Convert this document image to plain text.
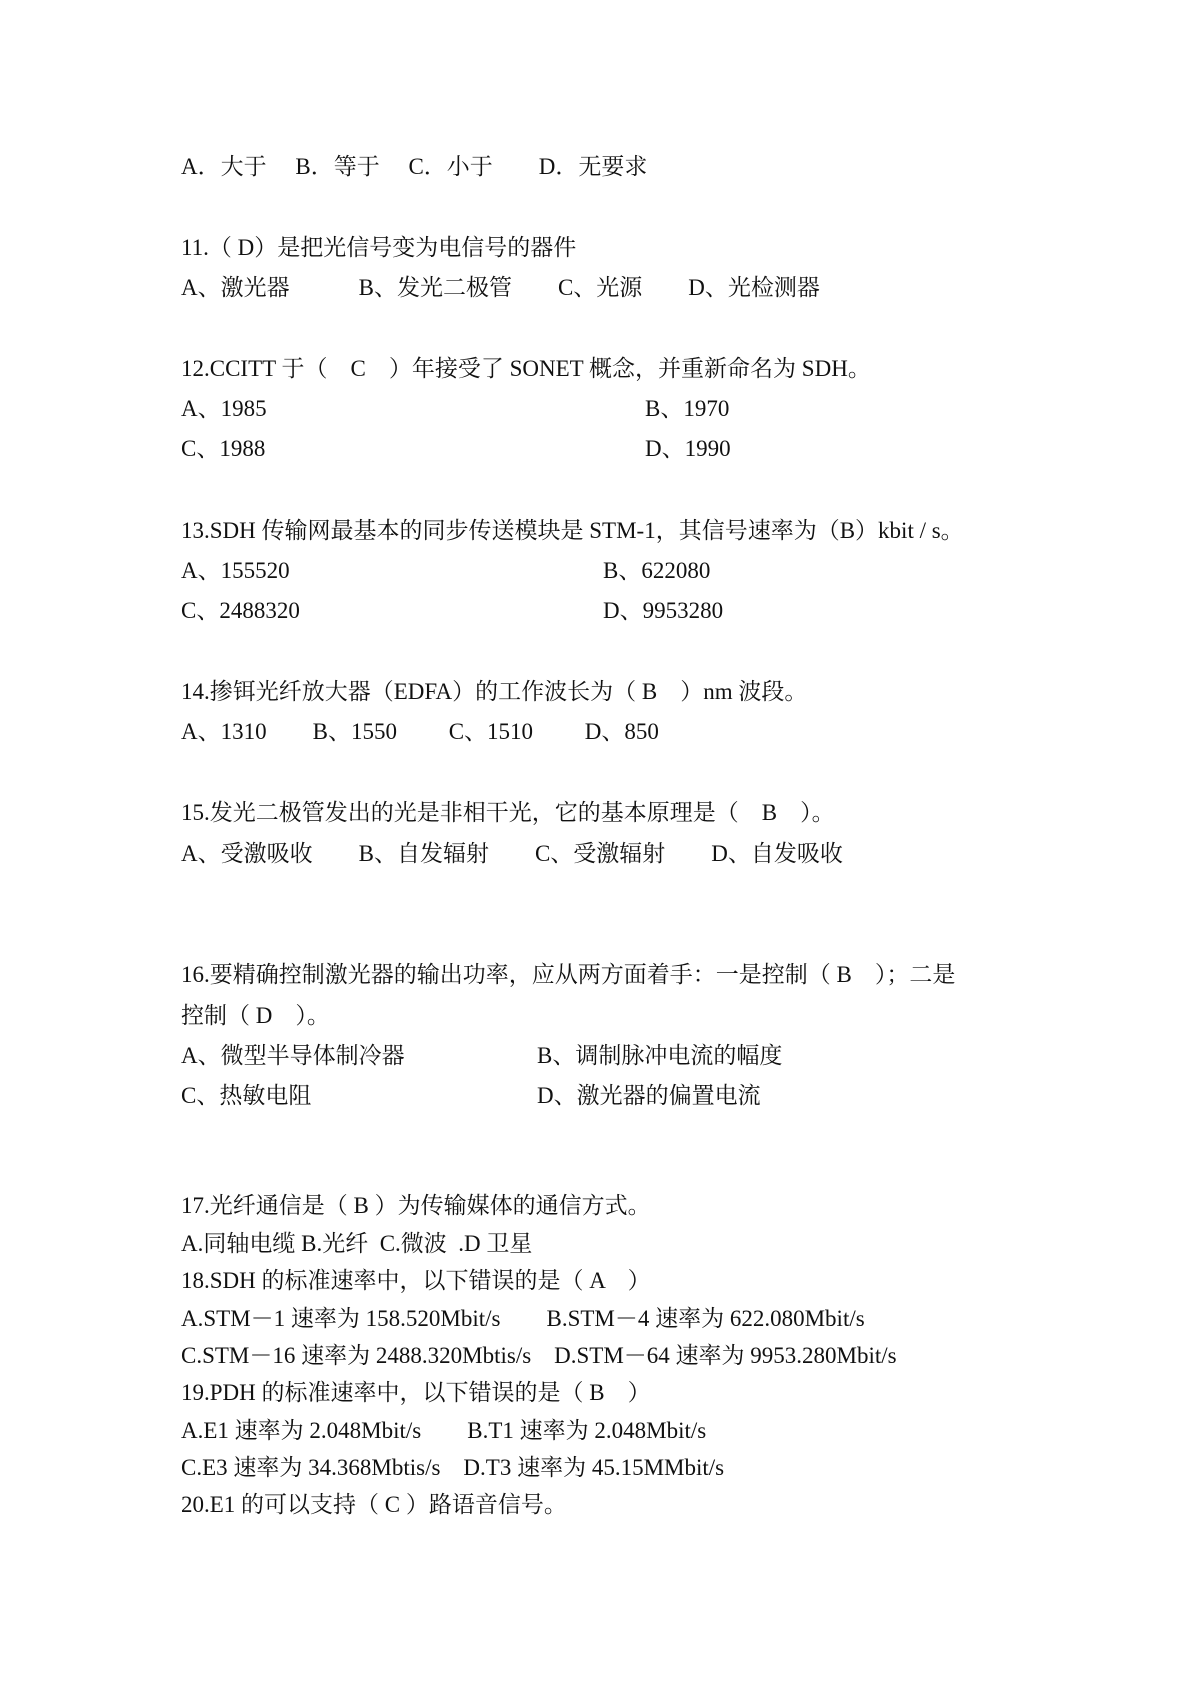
A．大于　 B．等于　 C．小于　　D．无要求
11.（ D）是把光信号变为电信号的器件
A、激光器　　　B、发光二极管　　C、光源　　D、光检测器
12.CCITT 于（　C　）年接受了 SONET 概念，并重新命名为 SDH。
A、1985	B、1970
C、1988	D、1990
13.SDH 传输网最基本的同步传送模块是 STM-1，其信号速率为（B）kbit / s。
A、155520	B、622080
C、2488320	D、9953280
14.掺铒光纤放大器（EDFA）的工作波长为（ B　）nm 波段。
A、1310　　B、1550　　 C、1510　　 D、850
15.发光二极管发出的光是非相干光，它的基本原理是（　B　）。
A、受激吸收　　B、自发辐射　　C、受激辐射　　D、自发吸收
16.要精确控制激光器的输出功率，应从两方面着手：一是控制（ B　）；二是
控制（ D　）。
A、微型半导体制冷器	B、调制脉冲电流的幅度
C、热敏电阻	D、激光器的偏置电流
17.光纤通信是（ B ）为传输媒体的通信方式。
A.同轴电缆 B.光纤  C.微波  .D 卫星
18.SDH 的标准速率中，以下错误的是（ A　）
A.STM－1 速率为 158.520Mbit/s　　B.STM－4 速率为 622.080Mbit/s
C.STM－16 速率为 2488.320Mbtis/s　D.STM－64 速率为 9953.280Mbit/s
19.PDH 的标准速率中，以下错误的是（ B　）
A.E1 速率为 2.048Mbit/s　　B.T1 速率为 2.048Mbit/s
C.E3 速率为 34.368Mbtis/s　D.T3 速率为 45.15MMbit/s
20.E1 的可以支持（ C ）路语音信号。
